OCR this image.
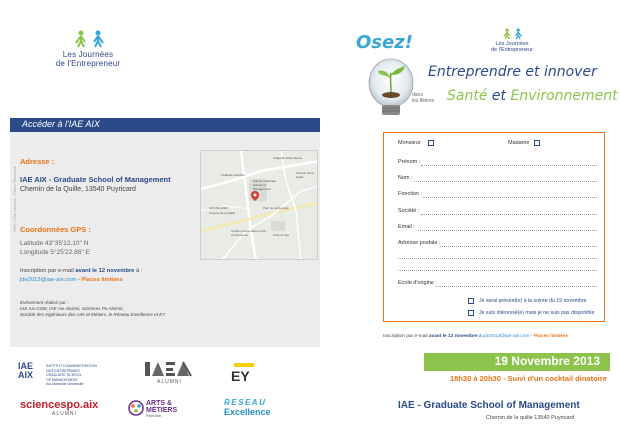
Les Journées
de l'Entrepreneur
Accéder à l'IAE AIX
Adresse :
IAE AIX - Graduate School of Management
Chemin de la Quille, 13540 Puyricard
Coordonnées GPS :
Latitude 43°35'12.10'' N
Longitude 5°25'22.86'' E
Inscription par e-mail avant le 12 novembre à :
jde2013@iae-aix.com - Places limitées
Évènement réalisé par :
IAE Aix GSM, IAE Aix Alumni, Sciences Po Alumni,
Société des Ingénieurs des Arts et Métiers, le Réseau Excellence et EY
Offre / Site Internet - Photo Réservée	Château d'Aruffen
LES BAUDES
Chemin de la Quille
IAE Aix Graduate School of Management
Parc de la Durance
Chapelle Notre-Dame
Chemin de la Quille
Oraison Notre-Dame d'Aix-en-Provence	Chemin des
IAE AIX
INSTITUT D'ADMINISTRATION
DES ENTREPRISES
GRADUATE SCHOOL
OF MANAGEMENT
Aix-Marseille Université	ALUMNI	EY
sciencespo.aix
ALUMNI
ARTS &
MÉTIERS
ParisTech
RESEAU
Excellence
Osez!	Les Journées
de l'Entrepreneur
Entreprendre et innover
dans
les filières Santé et Environnement
Monsieur	Madame
Prénom :
Nom :
Fonction :
Société :
Email :
Adresse postale :
Ecole d'origine :
Je serai présent(e) à la soirée du 19 novembre
Je suis intéressé(e) mais je ne suis pas disponible
Inscription par e-mail avant le 12 novembre à jde2013@iae-aix.com - Places limitées
19 Novembre 2013
18h30 à 20h30 - Suivi d'un cocktail dinatoire
IAE - Graduate School of Management
Chemin de la quille 13540 Puyricard
